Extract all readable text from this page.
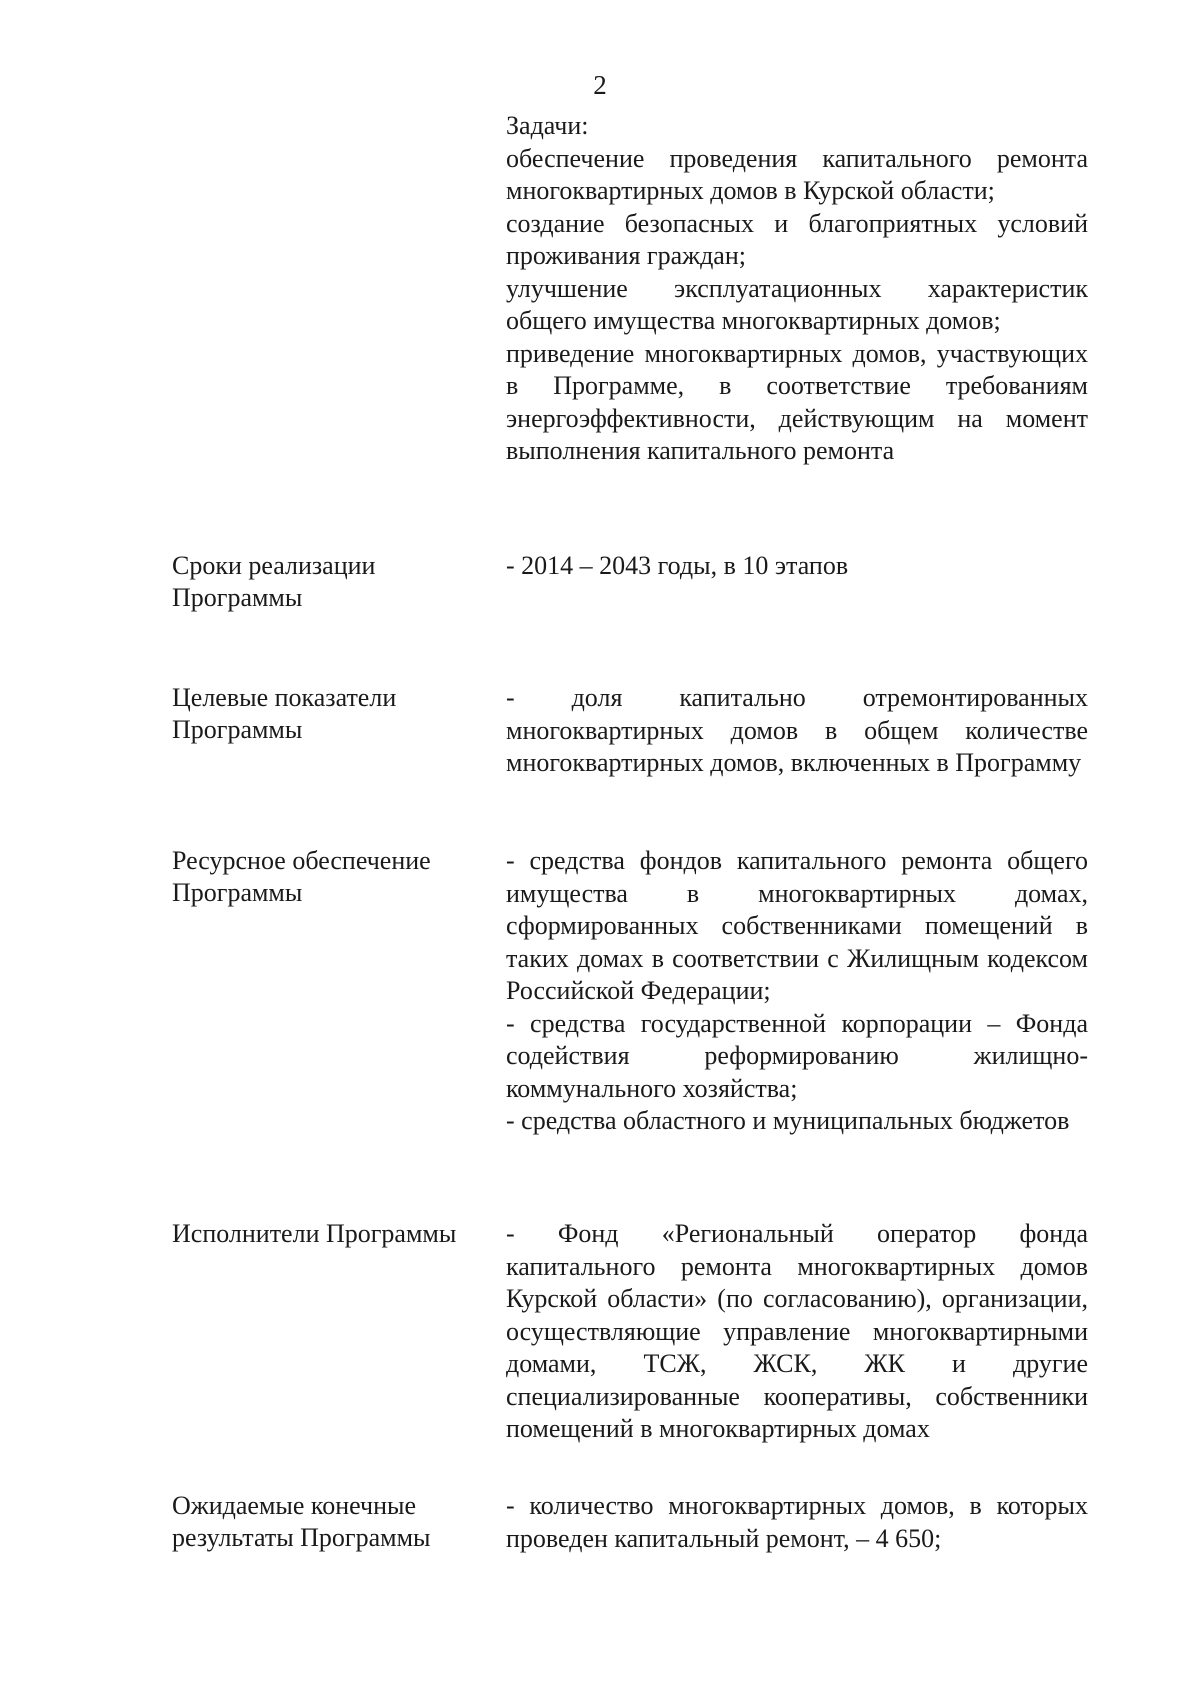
2

Задачи:

обеспечение проведения капитального ремонта многоквартирных домов в Курской области;

создание безопасных и благоприятных условий проживания граждан;

улучшение эксплуатационных характеристик общего имущества многоквартирных домов;

приведение многоквартирных домов, участвующих в Программе, в соответствие требованиям энергоэффективности, действующим на момент выполнения капитального ремонта

Сроки реализации Программы

- 2014 – 2043 годы, в 10 этапов

Целевые показатели Программы

- доля капитально отремонтированных многоквартирных домов в общем количестве многоквартирных домов, включенных в Программу

Ресурсное обеспечение Программы

- средства фондов капитального ремонта общего имущества в многоквартирных домах, сформированных собственниками помещений в таких домах в соответствии с Жилищным кодексом Российской Федерации;

- средства государственной корпорации – Фонда содействия реформированию жилищно-коммунального хозяйства;

- средства областного и муниципальных бюджетов

Исполнители Программы	- Фонд «Региональный оператор фонда капитального ремонта многоквартирных домов Курской области» (по согласованию), организации, осуществляющие управление многоквартирными домами, ТСЖ, ЖСК, ЖК и другие специализированные кооперативы, собственники помещений в многоквартирных домах

Ожидаемые конечные результаты Программы

- количество многоквартирных домов, в которых проведен капитальный ремонт, – 4 650;
